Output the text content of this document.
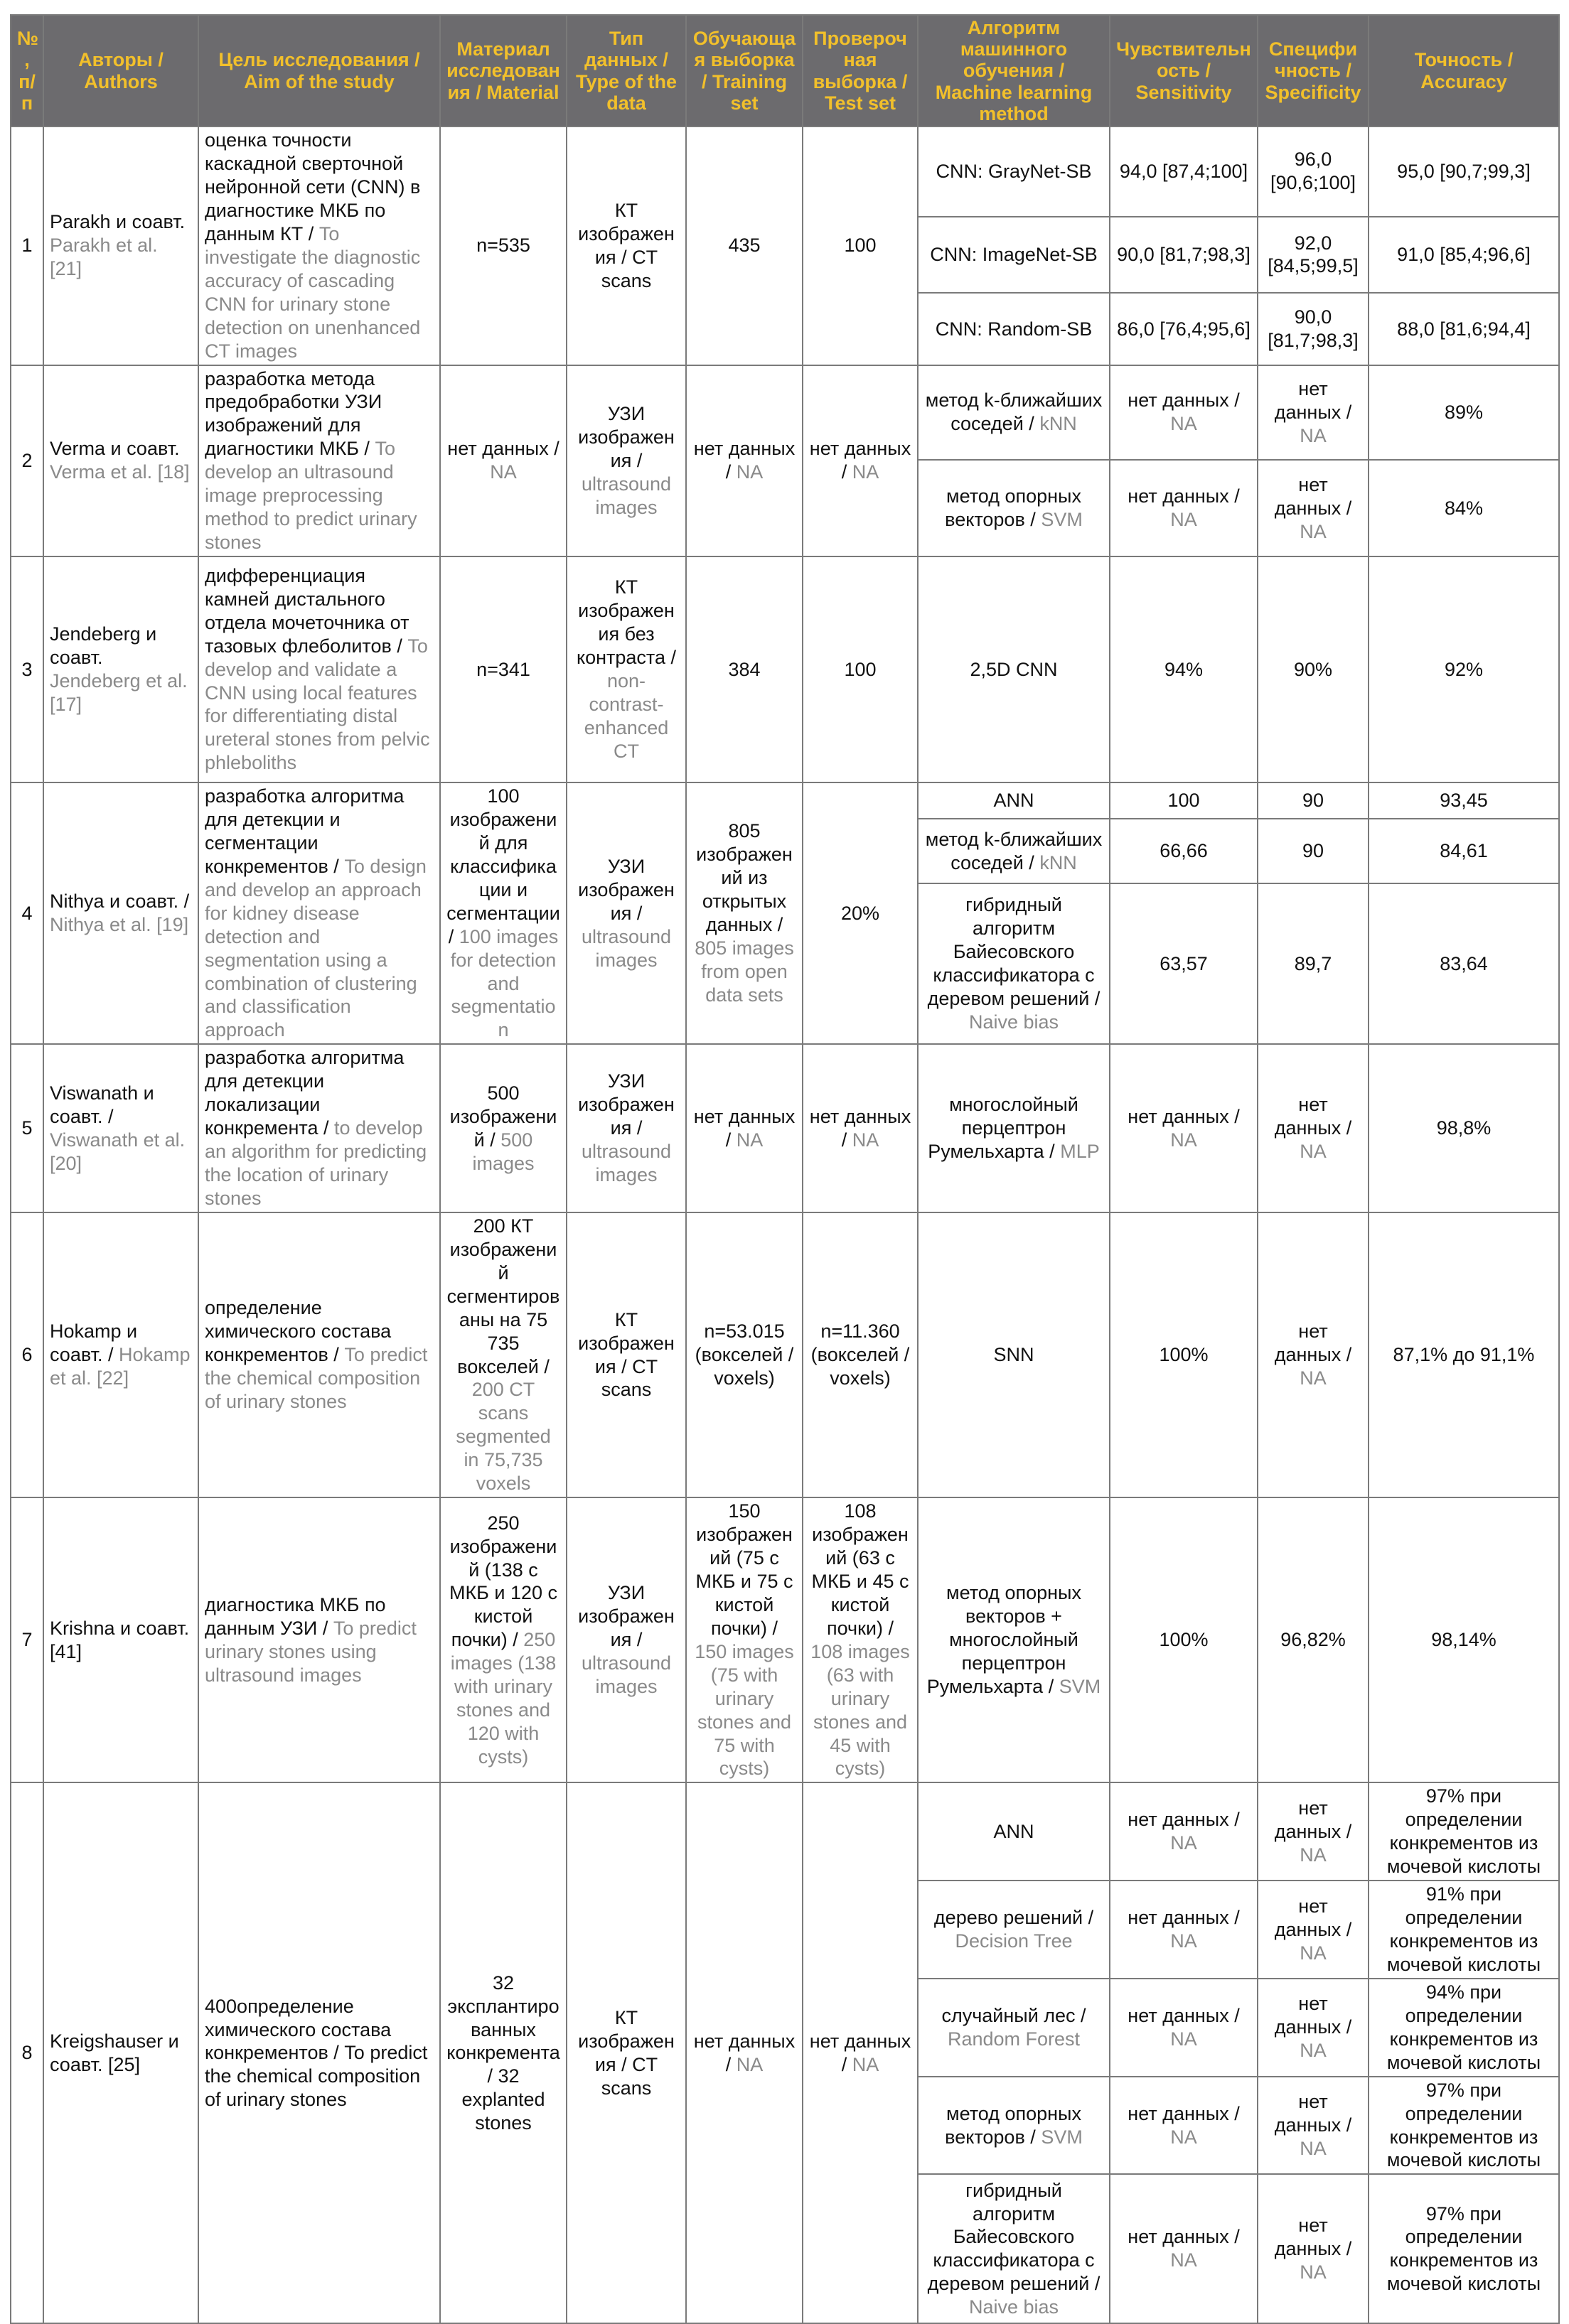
№, п/п	Авторы / Authors	Цель исследования / Aim of the study	Материал исследования / Material	Тип данных / Type of the data	Обучающая выборка / Training set	Проверочная выборка / Test set	Алгоритм машинного обучения / Machine learning method	Чувствительность / Sensitivity	Специфичность / Specificity	Точность / Accuracy
1	Parakh и соавт. Parakh et al. [21]	оценка точности каскадной сверточной нейронной сети (CNN) в диагностике МКБ по данным КТ / To investigate the diagnostic accuracy of cascading CNN for urinary stone detection on unenhanced CT images	n=535	КТ изображения / CT scans	435	100	CNN: GrayNet-SB	94,0 [87,4;100]	96,0 [90,6;100]	95,0 [90,7;99,3]
							CNN: ImageNet-SB	90,0 [81,7;98,3]	92,0 [84,5;99,5]	91,0 [85,4;96,6]
							CNN: Random-SB	86,0 [76,4;95,6]	90,0 [81,7;98,3]	88,0 [81,6;94,4]
2	Verma и соавт. Verma et al. [18]	разработка метода предобработки УЗИ изображений для диагностики МКБ / To develop an ultrasound image preprocessing method to predict urinary stones	нет данных / NA	УЗИ изображения / ultrasound images	нет данных / NA	нет данных / NA	метод k-ближайших соседей / kNN	нет данных / NA	нет данных / NA	89%
							метод опорных векторов / SVM	нет данных / NA	нет данных / NA	84%
3	Jendeberg и соавт. Jendeberg et al. [17]	дифференциация камней дистального отдела мочеточника от тазовых флеболитов / To develop and validate a CNN using local features for differentiating distal ureteral stones from pelvic phleboliths	n=341	КТ изображения без контраста / non-contrast-enhanced CT	384	100	2,5D CNN	94%	90%	92%
4	Nithya и соавт. / Nithya et al. [19]	разработка алгоритма для детекции и сегментации конкрементов / To design and develop an approach for kidney disease detection and segmentation using a combination of clustering and classification approach	100 изображений для классификации и сегментации / 100 images for detection and segmentation	УЗИ изображения / ultrasound images	805 изображений из открытых данных / 805 images from open data sets	20%	ANN	100	90	93,45
							метод k-ближайших соседей / kNN	66,66	90	84,61
							гибридный алгоритм Байесовского классификатора с деревом решений / Naive bias	63,57	89,7	83,64
5	Viswanath и соавт. / Viswanath et al. [20]	разработка алгоритма для детекции локализации конкремента / to develop an algorithm for predicting the location of urinary stones	500 изображений / 500 images	УЗИ изображения / ultrasound images	нет данных / NA	нет данных / NA	многослойный перцептрон Румельхарта / MLP	нет данных / NA	нет данных / NA	98,8%
6	Hokamp и соавт. / Hokamp et al. [22]	определение химического состава конкрементов / To predict the chemical composition of urinary stones	200 КТ изображений сегментированы на 75 735 вокселей / 200 CT scans segmented in 75,735 voxels	КТ изображения / CT scans	n=53.015 (вокселей / voxels)	n=11.360 (вокселей / voxels)	SNN	100%	нет данных / NA	87,1% до 91,1%
7	Krishna и соавт. [41]	диагностика МКБ по данным УЗИ / To predict urinary stones using ultrasound images	250 изображений (138 с МКБ и 120 с кистой почки) / 250 images (138 with urinary stones and 120 with cysts)	УЗИ изображения / ultrasound images	150 изображений (75 с МКБ и 75 с кистой почки) / 150 images (75 with urinary stones and 75 with cysts)	108 изображений (63 с МКБ и 45 с кистой почки) / 108 images (63 with urinary stones and 45 with cysts)	метод опорных векторов + многослойный перцептрон Румельхарта / SVM	100%	96,82%	98,14%
8	Kreigshauser и соавт. [25]	400определение химического состава конкрементов / To predict the chemical composition of urinary stones	32 эксплантированных конкремента / 32 explanted stones	КТ изображения / CT scans	нет данных / NA	нет данных / NA	ANN	нет данных / NA	нет данных / NA	97% при определении конкрементов из мочевой кислоты
							дерево решений / Decision Tree	нет данных / NA	нет данных / NA	91% при определении конкрементов из мочевой кислоты
							случайный лес / Random Forest	нет данных / NA	нет данных / NA	94% при определении конкрементов из мочевой кислоты
							метод опорных векторов / SVM	нет данных / NA	нет данных / NA	97% при определении конкрементов из мочевой кислоты
							гибридный алгоритм Байесовского классификатора с деревом решений / Naive bias	нет данных / NA	нет данных / NA	97% при определении конкрементов из мочевой кислоты
